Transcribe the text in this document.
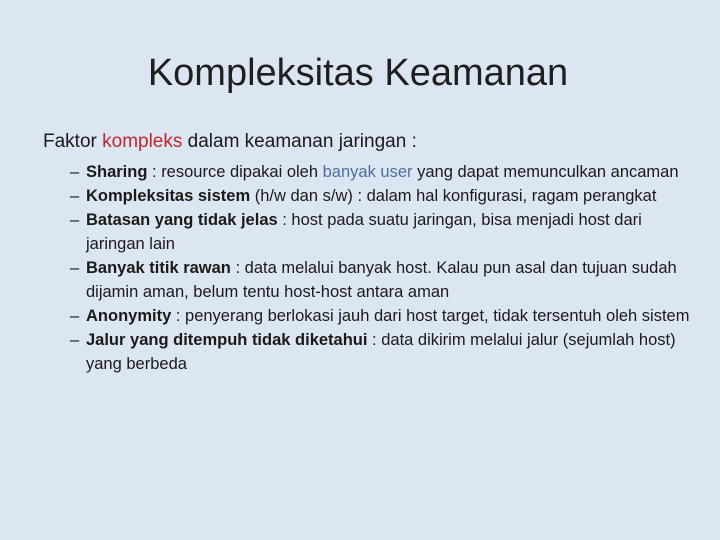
Kompleksitas Keamanan

Faktor kompleks dalam keamanan jaringan :

– Sharing : resource dipakai oleh banyak user yang dapat memunculkan ancaman
– Kompleksitas sistem (h/w dan s/w) : dalam hal konfigurasi, ragam perangkat
– Batasan yang tidak jelas : host pada suatu jaringan, bisa menjadi host dari jaringan lain
– Banyak titik rawan : data melalui banyak host. Kalau pun asal dan tujuan sudah dijamin aman, belum tentu host-host antara aman
– Anonymity : penyerang berlokasi jauh dari host target, tidak tersentuh oleh sistem
– Jalur yang ditempuh tidak diketahui : data dikirim melalui jalur (sejumlah host) yang berbeda
